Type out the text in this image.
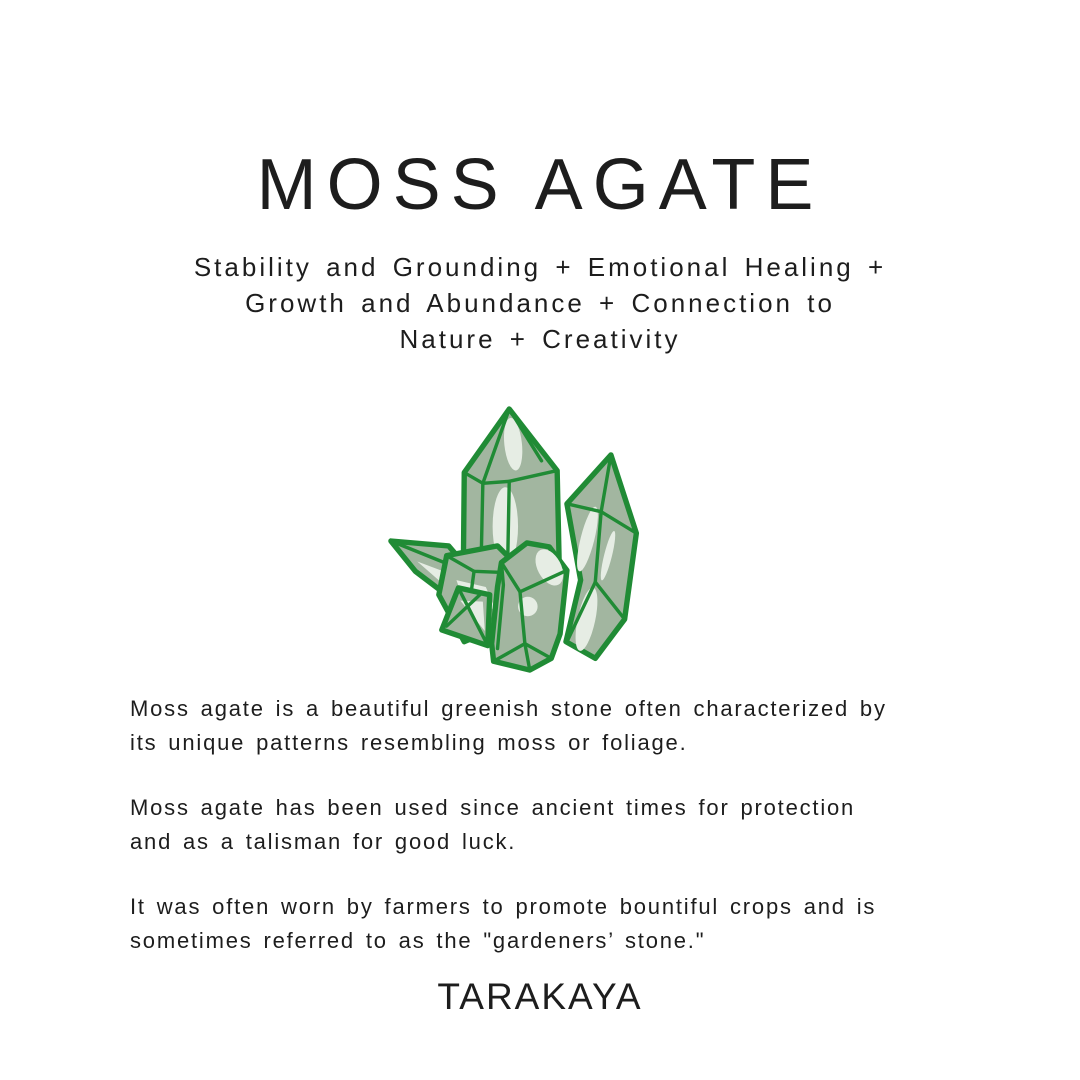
MOSS AGATE
Stability and Grounding + Emotional Healing +
Growth and Abundance + Connection to
Nature + Creativity

Moss agate is a beautiful greenish stone often characterized by
its unique patterns resembling moss or foliage.

Moss agate has been used since ancient times for protection
and as a talisman for good luck.

It was often worn by farmers to promote bountiful crops and is
sometimes referred to as the "gardeners’ stone."

TARAKAYA
